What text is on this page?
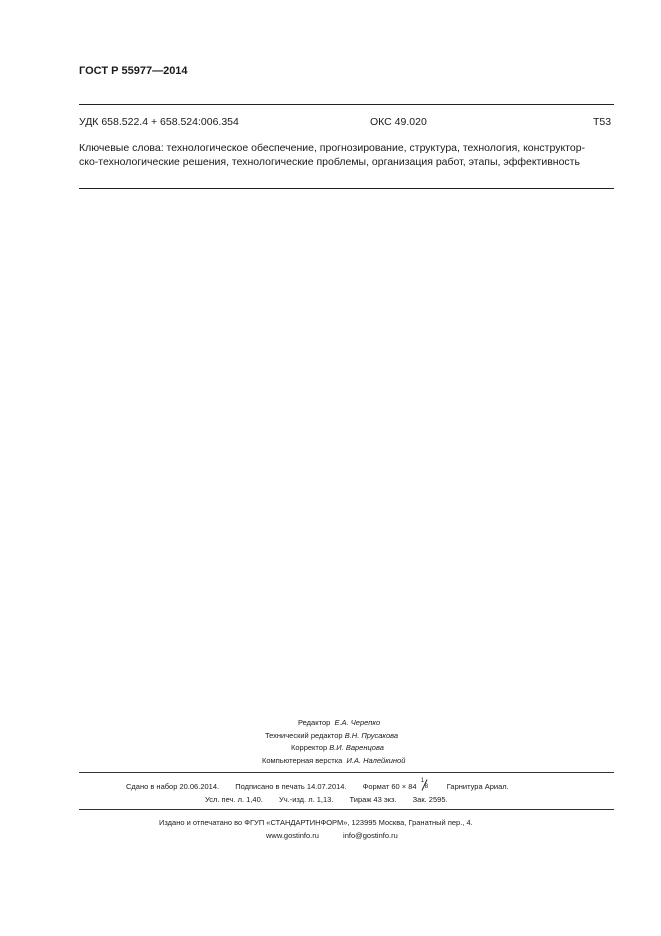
ГОСТ Р 55977—2014
УДК 658.522.4 + 658.524:006.354	ОКС 49.020	Т53
Ключевые слова: технологическое обеспечение, прогнозирование, структура, технология, конструктор-
ско-технологические решения, технологические проблемы, организация работ, этапы, эффективность
Редактор Е.А. Черепко
Технический редактор В.Н. Прусакова
Корректор В.И. Варенцова
Компьютерная верстка И.А. Налейкиной
Сдано в набор 20.06.2014. Подписано в печать 14.07.2014. Формат 60 × 84
1
8	Гарнитура Ариал.
Усл. печ. л. 1,40. Уч.-изд. л. 1,13. Тираж 43 экз. Зак. 2595.
Издано и отпечатано во ФГУП «СТАНДАРТИНФОРМ», 123995 Москва, Гранатный пер., 4.
www.gostinfo.ru	info@gostinfo.ru
